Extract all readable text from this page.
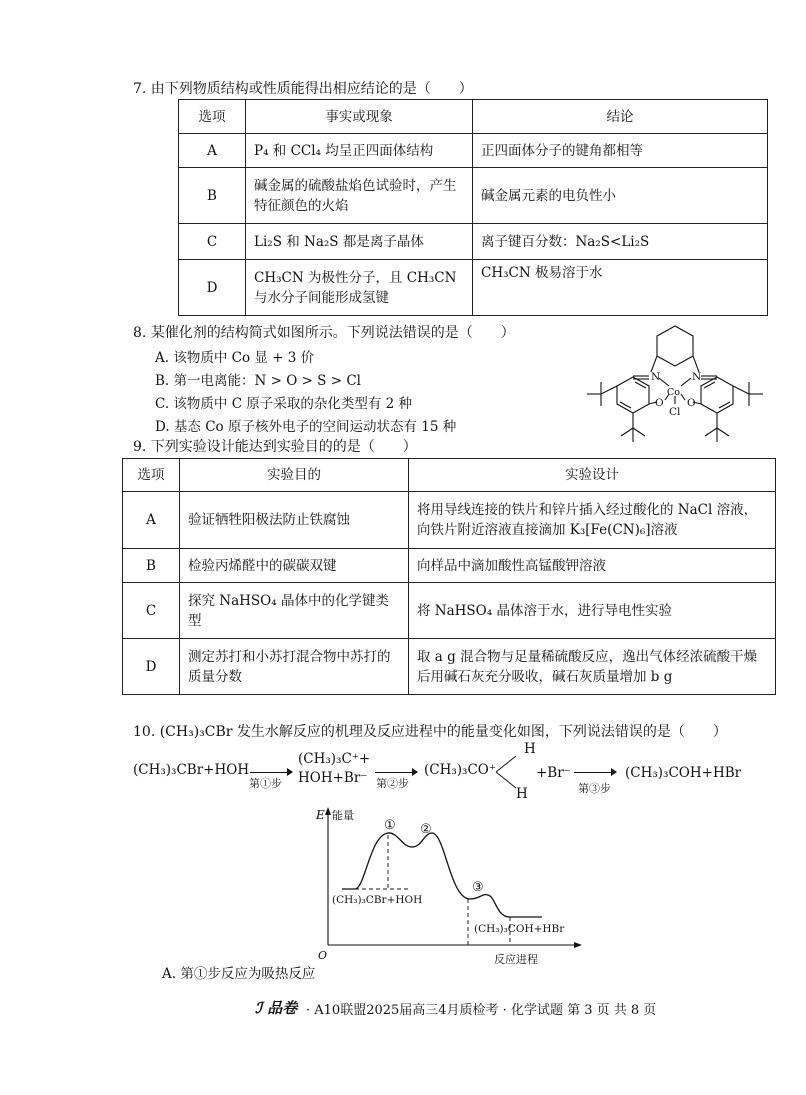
7. 由下列物质结构或性质能得出相应结论的是（　　）
选项	事实或现象	结论
A	P₄ 和 CCl₄ 均呈正四面体结构	正四面体分子的键角都相等
B	碱金属的硫酸盐焰色试验时，产生特征颜色的火焰	碱金属元素的电负性小
C	Li₂S 和 Na₂S 都是离子晶体	离子键百分数：Na₂S<Li₂S
D	CH₃CN 为极性分子，且 CH₃CN 与水分子间能形成氢键	CH₃CN 极易溶于水
8. 某催化剂的结构简式如图所示。下列说法错误的是（　　）
A. 该物质中 Co 显 + 3 价
B. 第一电离能：N > O > S > Cl
C. 该物质中 C 原子采取的杂化类型有 2 种
D. 基态 Co 原子核外电子的空间运动状态有 15 种
N	N
Co
O O
Cl
9. 下列实验设计能达到实验目的的是（　　）
选项	实验目的	实验设计
A	验证牺牲阳极法防止铁腐蚀	将用导线连接的铁片和锌片插入经过酸化的 NaCl 溶液，向铁片附近溶液直接滴加 K₃[Fe(CN)₆]溶液
B	检验丙烯醛中的碳碳双键	向样品中滴加酸性高锰酸钾溶液
C	探究 NaHSO₄ 晶体中的化学键类型	将 NaHSO₄ 晶体溶于水，进行导电性实验
D	测定苏打和小苏打混合物中苏打的质量分数	取 a g 混合物与足量稀硫酸反应，逸出气体经浓硫酸干燥后用碱石灰充分吸收，碱石灰质量增加 b g
10. (CH₃)₃CBr 发生水解反应的机理及反应进程中的能量变化如图，下列说法错误的是（　　）
(CH₃)₃CBr+HOH
第①步
(CH₃)₃C⁺+
HOH+Br⁻ 第②步
(CH₃)₃CO⁺
H
H
+Br⁻
第③步
(CH₃)₃COH+HBr
E 能量
O	反应进程
① ②
③
(CH₃)₃CBr+HOH
(CH₃)₃COH+HBr
A. 第①步反应为吸热反应
ℐ 品卷 · A10联盟2025届高三4月质检考 · 化学试题 第 3 页 共 8 页
